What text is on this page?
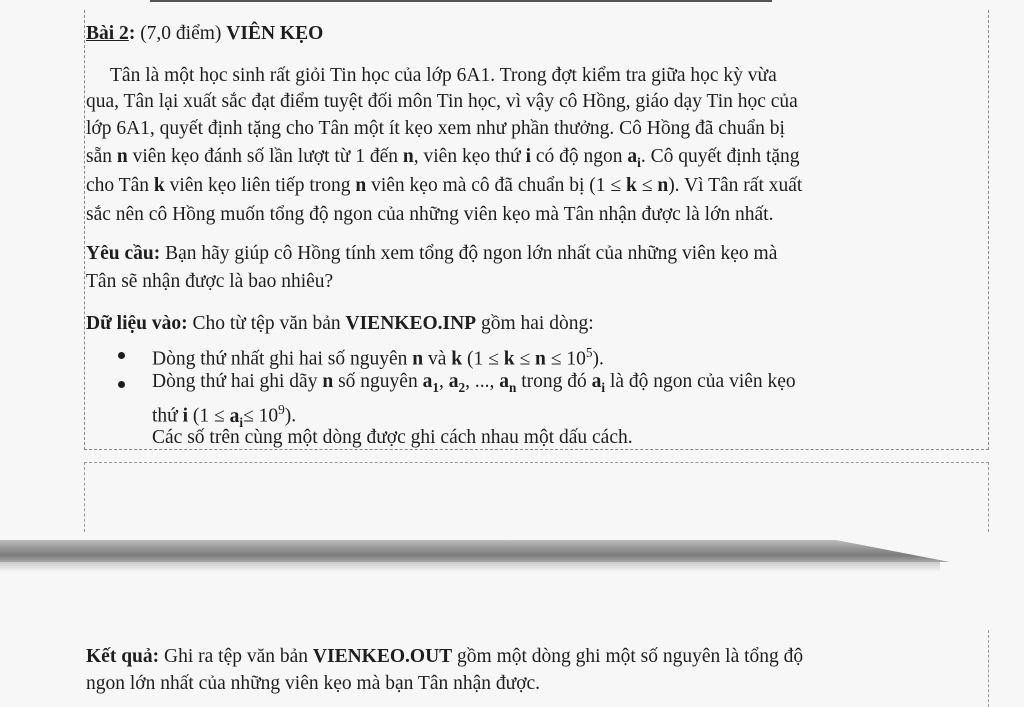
Bài 2: (7,0 điểm) VIÊN KẸO

Tân là một học sinh rất giỏi Tin học của lớp 6A1. Trong đợt kiểm tra giữa học kỳ vừa

qua, Tân lại xuất sắc đạt điểm tuyệt đối môn Tin học, vì vậy cô Hồng, giáo dạy Tin học của

lớp 6A1, quyết định tặng cho Tân một ít kẹo xem như phần thưởng. Cô Hồng đã chuẩn bị

sẵn n viên kẹo đánh số lần lượt từ 1 đến n, viên kẹo thứ i có độ ngon $a_i$. Cô quyết định tặng

cho Tân k viên kẹo liên tiếp trong n viên kẹo mà cô đã chuẩn bị (1 ≤ k ≤ n). Vì Tân rất xuất

sắc nên cô Hồng muốn tổng độ ngon của những viên kẹo mà Tân nhận được là lớn nhất.

Yêu cầu: Bạn hãy giúp cô Hồng tính xem tổng độ ngon lớn nhất của những viên kẹo mà

Tân sẽ nhận được là bao nhiêu?

Dữ liệu vào: Cho từ tệp văn bản VIENKEO.INP gồm hai dòng:

Dòng thứ nhất ghi hai số nguyên n và k $(1 \le k \le n \le 10^5)$.

Dòng thứ hai ghi dãy n số nguyên $a_1$, $a_2$, ..., $a_n$ trong đó $a_i$ là độ ngon của viên kẹo

thứ i $(1 \le a_i\le 10^9)$.

Các số trên cùng một dòng được ghi cách nhau một dấu cách.

Kết quả: Ghi ra tệp văn bản VIENKEO.OUT gồm một dòng ghi một số nguyên là tổng độ

ngon lớn nhất của những viên kẹo mà bạn Tân nhận được.
